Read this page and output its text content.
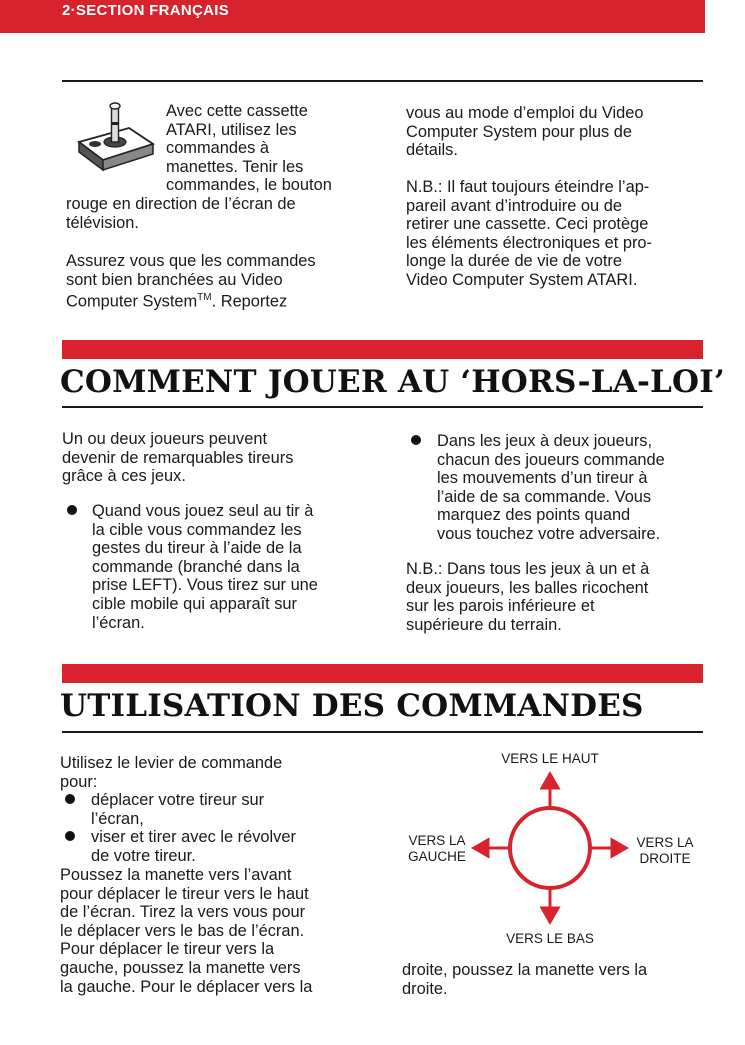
2·SECTION FRANÇAIS

Avec cette cassette

ATARI, utilisez les

commandes à

manettes. Tenir les

commandes, le bouton

rouge en direction de l’écran de

télévision.

Assurez vous que les commandes

sont bien branchées au Video

Computer System™. Reportez

vous au mode d’emploi du Video

Computer System pour plus de

détails.

N.B.: Il faut toujours éteindre l’ap-

pareil avant d’introduire ou de

retirer une cassette. Ceci protège

les éléments électroniques et pro-

longe la durée de vie de votre

Video Computer System ATARI.

COMMENT JOUER AU ‘HORS-LA-LOI’

Un ou deux joueurs peuvent

devenir de remarquables tireurs

grâce à ces jeux.

Quand vous jouez seul au tir à

la cible vous commandez les

gestes du tireur à l’aide de la

commande (branché dans la

prise LEFT). Vous tirez sur une

cible mobile qui apparaît sur

l’écran.

Dans les jeux à deux joueurs,

chacun des joueurs commande

les mouvements d’un tireur à

l’aide de sa commande. Vous

marquez des points quand

vous touchez votre adversaire.

N.B.: Dans tous les jeux à un et à

deux joueurs, les balles ricochent

sur les parois inférieure et

supérieure du terrain.

UTILISATION DES COMMANDES

Utilisez le levier de commande

pour:

déplacer votre tireur sur

l’écran,

viser et tirer avec le révolver

de votre tireur.

Poussez la manette vers l’avant

pour déplacer le tireur vers le haut

de l’écran. Tirez la vers vous pour

le déplacer vers le bas de l’écran.

Pour déplacer le tireur vers la

gauche, poussez la manette vers

la gauche. Pour le déplacer vers la

VERS LE HAUT
VERS LE BAS
VERS LA
GAUCHE
VERS LA
DROITE

droite, poussez la manette vers la

droite.
